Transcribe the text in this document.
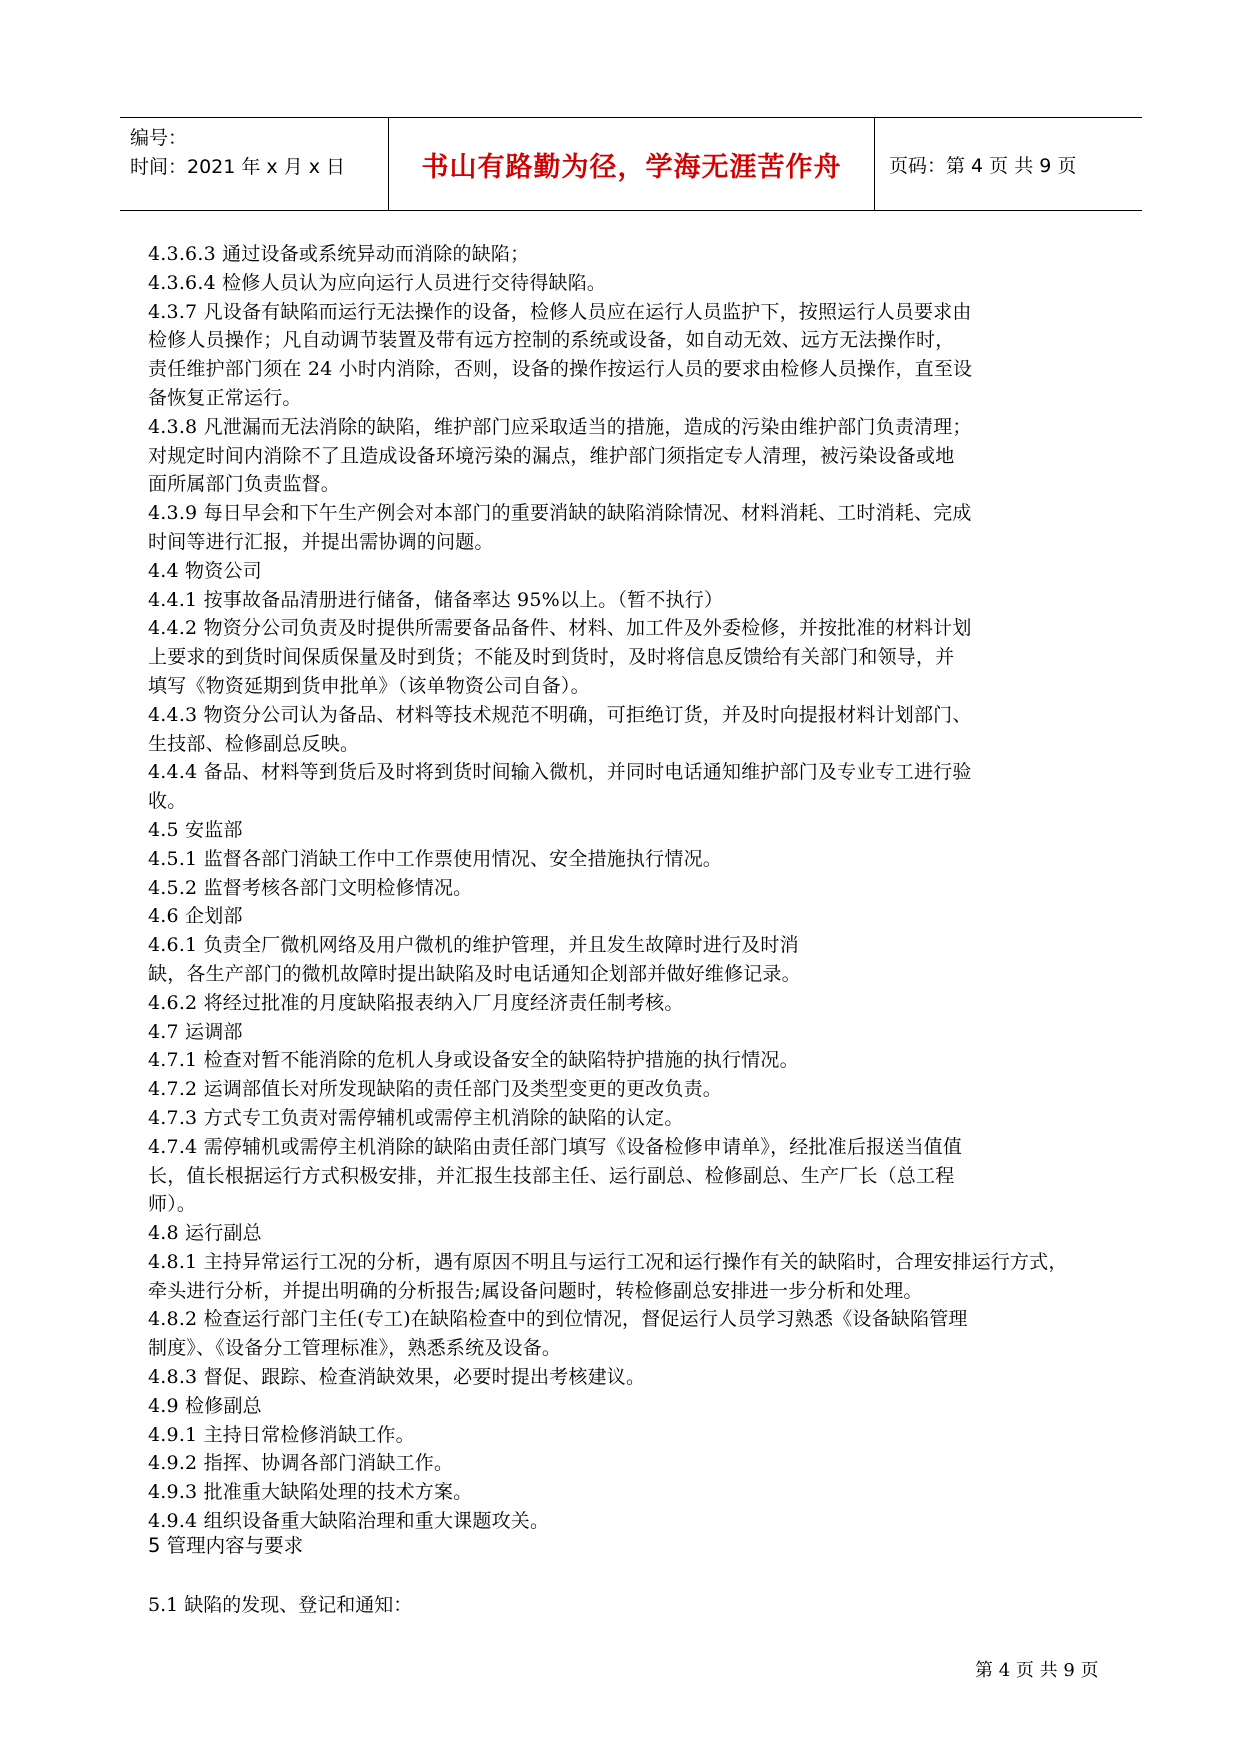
编号：
时间：2021 年 x 月 x 日	书山有路勤为径，学海无涯苦作舟	页码：第 4 页 共 9 页

4.3.6.3 通过设备或系统异动而消除的缺陷；

4.3.6.4 检修人员认为应向运行人员进行交待得缺陷。

4.3.7 凡设备有缺陷而运行无法操作的设备，检修人员应在运行人员监护下，按照运行人员要求由

检修人员操作；凡自动调节装置及带有远方控制的系统或设备，如自动无效、远方无法操作时，

责任维护部门须在 24 小时内消除，否则，设备的操作按运行人员的要求由检修人员操作，直至设

备恢复正常运行。

4.3.8 凡泄漏而无法消除的缺陷，维护部门应采取适当的措施，造成的污染由维护部门负责清理；

对规定时间内消除不了且造成设备环境污染的漏点，维护部门须指定专人清理，被污染设备或地

面所属部门负责监督。

4.3.9 每日早会和下午生产例会对本部门的重要消缺的缺陷消除情况、材料消耗、工时消耗、完成

时间等进行汇报，并提出需协调的问题。

4.4 物资公司

4.4.1 按事故备品清册进行储备，储备率达 95%以上。（暂不执行）

4.4.2 物资分公司负责及时提供所需要备品备件、材料、加工件及外委检修，并按批准的材料计划

上要求的到货时间保质保量及时到货；不能及时到货时，及时将信息反馈给有关部门和领导，并

填写《物资延期到货申批单》（该单物资公司自备）。

4.4.3 物资分公司认为备品、材料等技术规范不明确，可拒绝订货，并及时向提报材料计划部门、

生技部、检修副总反映。

4.4.4 备品、材料等到货后及时将到货时间输入微机，并同时电话通知维护部门及专业专工进行验

收。

4.5 安监部

4.5.1 监督各部门消缺工作中工作票使用情况、安全措施执行情况。

4.5.2 监督考核各部门文明检修情况。

4.6 企划部

4.6.1 负责全厂微机网络及用户微机的维护管理，并且发生故障时进行及时消

缺，各生产部门的微机故障时提出缺陷及时电话通知企划部并做好维修记录。

4.6.2 将经过批准的月度缺陷报表纳入厂月度经济责任制考核。

4.7 运调部

4.7.1 检查对暂不能消除的危机人身或设备安全的缺陷特护措施的执行情况。

4.7.2 运调部值长对所发现缺陷的责任部门及类型变更的更改负责。

4.7.3 方式专工负责对需停辅机或需停主机消除的缺陷的认定。

4.7.4 需停辅机或需停主机消除的缺陷由责任部门填写《设备检修申请单》，经批准后报送当值值

长，值长根据运行方式积极安排，并汇报生技部主任、运行副总、检修副总、生产厂长（总工程

师）。

4.8 运行副总

4.8.1 主持异常运行工况的分析，遇有原因不明且与运行工况和运行操作有关的缺陷时，合理安排运行方式，

牵头进行分析，并提出明确的分析报告;属设备问题时，转检修副总安排进一步分析和处理。

4.8.2 检查运行部门主任(专工)在缺陷检查中的到位情况，督促运行人员学习熟悉《设备缺陷管理

制度》、《设备分工管理标准》，熟悉系统及设备。

4.8.3 督促、跟踪、检查消缺效果，必要时提出考核建议。

4.9 检修副总

4.9.1 主持日常检修消缺工作。

4.9.2 指挥、协调各部门消缺工作。

4.9.3 批准重大缺陷处理的技术方案。

4.9.4 组织设备重大缺陷治理和重大课题攻关。

5 管理内容与要求
5.1 缺陷的发现、登记和通知：
第 4 页 共 9 页
